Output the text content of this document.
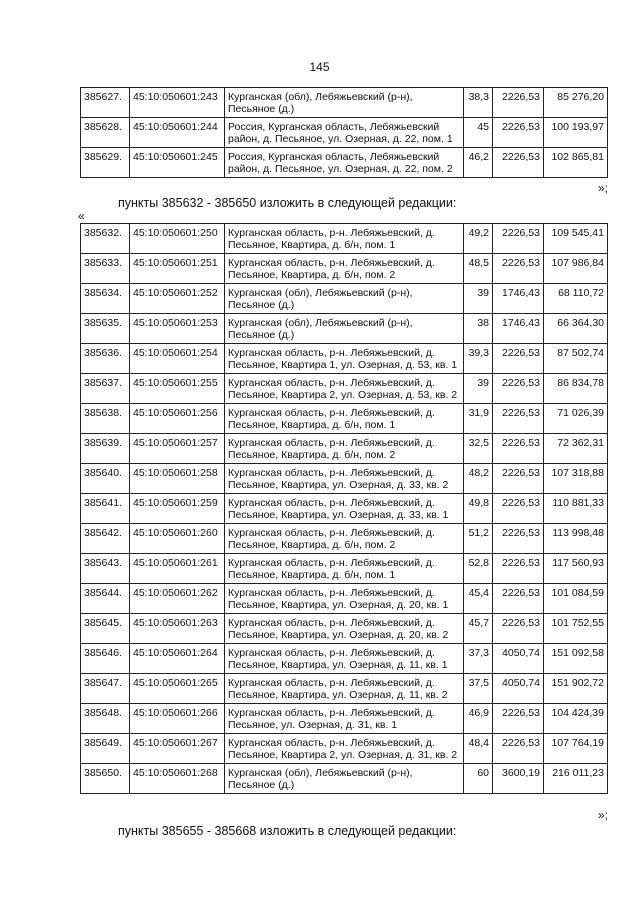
145
385627.	45:10:050601:243	Курганская (обл), Лебяжьевский (р-н), Песьяное (д.)	38,3	2226,53	85 276,20
385628.	45:10:050601:244	Россия, Курганская область, Лебяжьевский район, д. Песьяное, ул. Озерная, д. 22, пом. 1	45	2226,53	100 193,97
385629.	45:10:050601:245	Россия, Курганская область, Лебяжьевский район, д. Песьяное, ул. Озерная, д. 22, пом. 2	46,2	2226,53	102 865,81
»;
пункты 385632 - 385650 изложить в следующей редакции:
«
385632.	45:10:050601:250	Курганская область, р-н. Лебяжьевский, д. Песьяное, Квартира, д. б/н, пом. 1	49,2	2226,53	109 545,41
385633.	45:10:050601:251	Курганская область, р-н. Лебяжьевский, д. Песьяное, Квартира, д. б/н, пом. 2	48,5	2226,53	107 986,84
385634.	45:10:050601:252	Курганская (обл), Лебяжьевский (р-н), Песьяное (д.)	39	1746,43	68 110,72
385635.	45:10:050601:253	Курганская (обл), Лебяжьевский (р-н), Песьяное (д.)	38	1746,43	66 364,30
385636.	45:10:050601:254	Курганская область, р-н. Лебяжьевский, д. Песьяное, Квартира 1, ул. Озерная, д. 53, кв. 1	39,3	2226,53	87 502,74
385637.	45:10:050601:255	Курганская область, р-н. Лебяжьевский, д. Песьяное, Квартира 2, ул. Озерная, д. 53, кв. 2	39	2226,53	86 834,78
385638.	45:10:050601:256	Курганская область, р-н. Лебяжьевский, д. Песьяное, Квартира, д. б/н, пом. 1	31,9	2226,53	71 026,39
385639.	45:10:050601:257	Курганская область, р-н. Лебяжьевский, д. Песьяное, Квартира, д. б/н, пом. 2	32,5	2226,53	72 362,31
385640.	45:10:050601:258	Курганская область, р-н. Лебяжьевский, д. Песьяное, Квартира, ул. Озерная, д. 33, кв. 2	48,2	2226,53	107 318,88
385641.	45:10:050601:259	Курганская область, р-н. Лебяжьевский, д. Песьяное, Квартира, ул. Озерная, д. 33, кв. 1	49,8	2226,53	110 881,33
385642.	45:10:050601:260	Курганская область, р-н. Лебяжьевский, д. Песьяное, Квартира, д. б/н, пом. 2	51,2	2226,53	113 998,48
385643.	45:10:050601:261	Курганская область, р-н. Лебяжьевский, д. Песьяное, Квартира, д. б/н, пом. 1	52,8	2226,53	117 560,93
385644.	45:10:050601:262	Курганская область, р-н. Лебяжьевский, д. Песьяное, Квартира, ул. Озерная, д. 20, кв. 1	45,4	2226,53	101 084,59
385645.	45:10:050601:263	Курганская область, р-н. Лебяжьевский, д. Песьяное, Квартира, ул. Озерная, д. 20, кв. 2	45,7	2226,53	101 752,55
385646.	45:10:050601:264	Курганская область, р-н. Лебяжьевский, д. Песьяное, Квартира, ул. Озерная, д. 11, кв. 1	37,3	4050,74	151 092,58
385647.	45:10:050601:265	Курганская область, р-н. Лебяжьевский, д. Песьяное, Квартира, ул. Озерная, д. 11, кв. 2	37,5	4050,74	151 902,72
385648.	45:10:050601:266	Курганская область, р-н. Лебяжьевский, д. Песьяное, ул. Озерная, д. 31, кв. 1	46,9	2226,53	104 424,39
385649.	45:10:050601:267	Курганская область, р-н. Лебяжьевский, д. Песьяное, Квартира 2, ул. Озерная, д. 31, кв. 2	48,4	2226,53	107 764,19
385650.	45:10:050601:268	Курганская (обл), Лебяжьевский (р-н), Песьяное (д.)	60	3600,19	216 011,23
»;
пункты 385655 - 385668 изложить в следующей редакции:
